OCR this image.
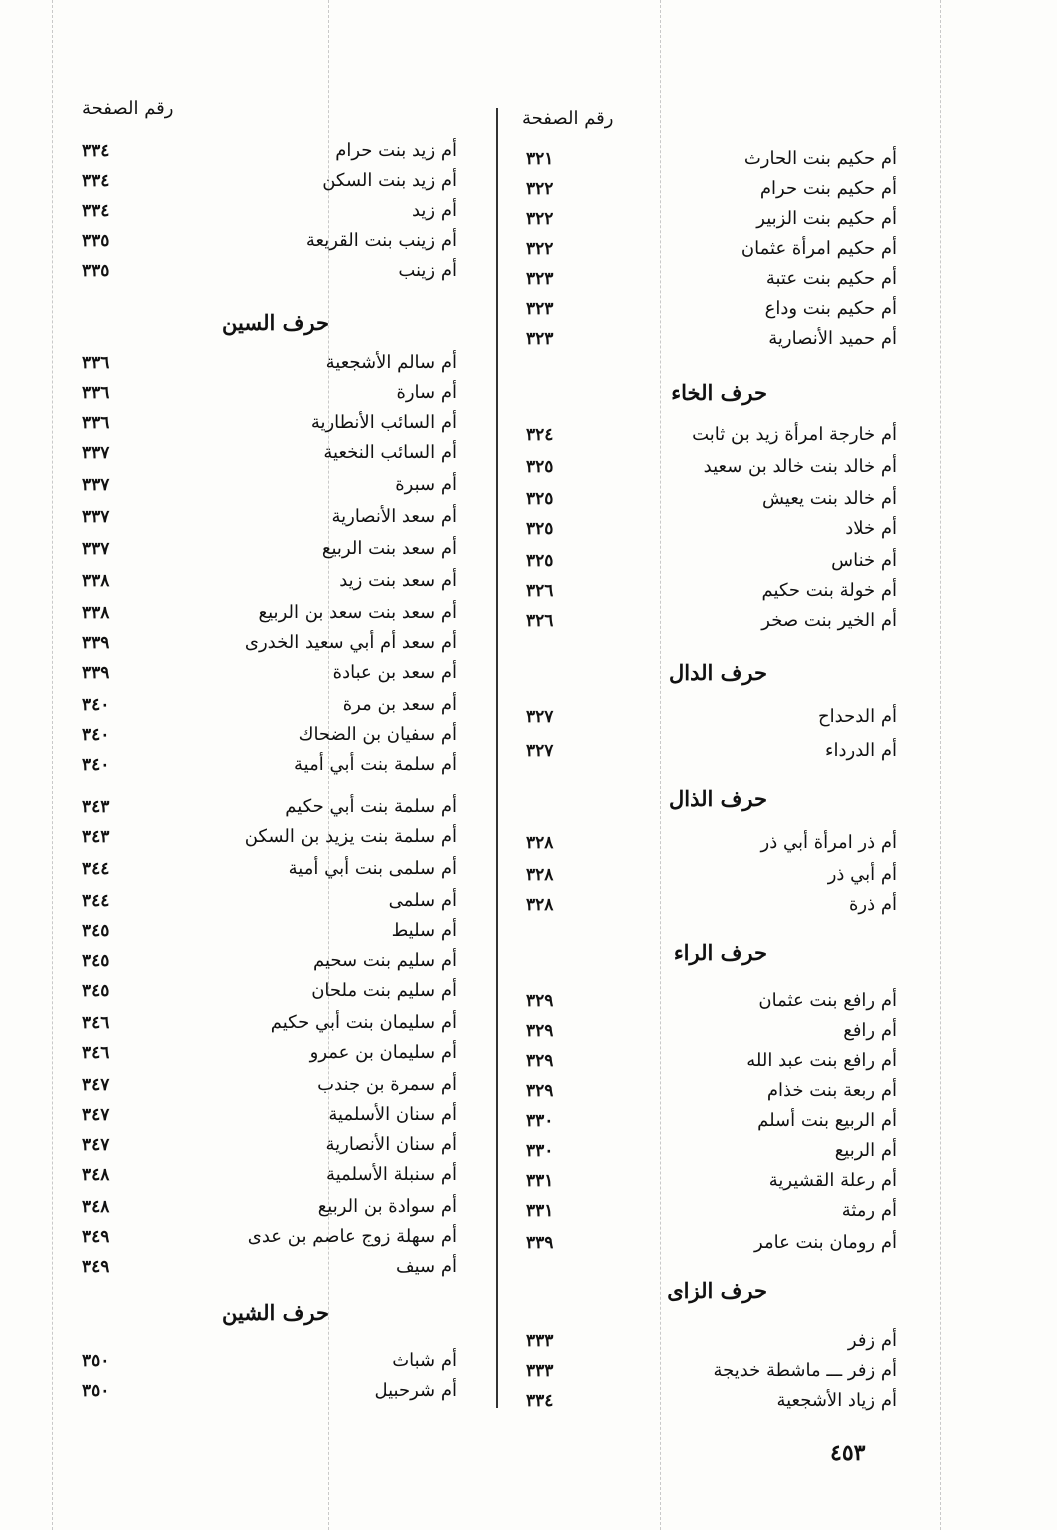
رقم الصفحة	رقم الصفحة
أم حكيم بنت الحارث
٣٢١
أم حكيم بنت حرام
٣٢٢
أم حكيم بنت الزبير
٣٢٢
أم حكيم امرأة عثمان
٣٢٢
أم حكيم بنت عتبة
٣٢٣
أم حكيم بنت وداع
٣٢٣
أم حميد الأنصارية
٣٢٣
حرف الخاء
أم خارجة امرأة زيد بن ثابت
٣٢٤
أم خالد بنت خالد بن سعيد
٣٢٥
أم خالد بنت يعيش
٣٢٥
أم خلاد
٣٢٥
أم خناس
٣٢٥
أم خولة بنت حكيم
٣٢٦
أم الخير بنت صخر
٣٢٦
حرف الدال
أم الدحداح
٣٢٧
أم الدرداء
٣٢٧
حرف الذال
أم ذر امرأة أبي ذر
٣٢٨
أم أبي ذر
٣٢٨
أم ذرة
٣٢٨
حرف الراء
أم رافع بنت عثمان
٣٢٩
أم رافع
٣٢٩
أم رافع بنت عبد الله
٣٢٩
أم ربعة بنت خذام
٣٢٩
أم الربيع بنت أسلم
٣٣٠
أم الربيع
٣٣٠
أم رعلة القشيرية
٣٣١
أم رمثة
٣٣١
أم رومان بنت عامر
٣٣٩
حرف الزاى
أم زفر
٣٣٣
أم زفر ـــ ماشطة خديجة
٣٣٣
أم زياد الأشجعية
٣٣٤
أم زيد بنت حرام
٣٣٤
أم زيد بنت السكن
٣٣٤
أم زيد
٣٣٤
أم زينب بنت القريعة
٣٣٥
أم زينب
٣٣٥
حرف السين
أم سالم الأشجعية
٣٣٦
أم سارة
٣٣٦
أم السائب الأنطارية
٣٣٦
أم السائب النخعية
٣٣٧
أم سبرة
٣٣٧
أم سعد الأنصارية
٣٣٧
أم سعد بنت الربيع
٣٣٧
أم سعد بنت زيد
٣٣٨
أم سعد بنت سعد بن الربيع
٣٣٨
أم سعد أم أبي سعيد الخدرى
٣٣٩
أم سعد بن عبادة
٣٣٩
أم سعد بن مرة
٣٤٠
أم سفيان بن الضحاك
٣٤٠
أم سلمة بنت أبي أمية
٣٤٠
أم سلمة بنت أبي حكيم
٣٤٣
أم سلمة بنت يزيد بن السكن
٣٤٣
أم سلمى بنت أبي أمية
٣٤٤
أم سلمى
٣٤٤
أم سليط
٣٤٥
أم سليم بنت سحيم
٣٤٥
أم سليم بنت ملحان
٣٤٥
أم سليمان بنت أبي حكيم
٣٤٦
أم سليمان بن عمرو
٣٤٦
أم سمرة بن جندب
٣٤٧
أم سنان الأسلمية
٣٤٧
أم سنان الأنصارية
٣٤٧
أم سنبلة الأسلمية
٣٤٨
أم سوادة بن الربيع
٣٤٨
أم سهلة زوج عاصم بن عدى
٣٤٩
أم سيف
٣٤٩
حرف الشين
أم شباث
٣٥٠
أم شرحبيل
٣٥٠
٤٥٣
